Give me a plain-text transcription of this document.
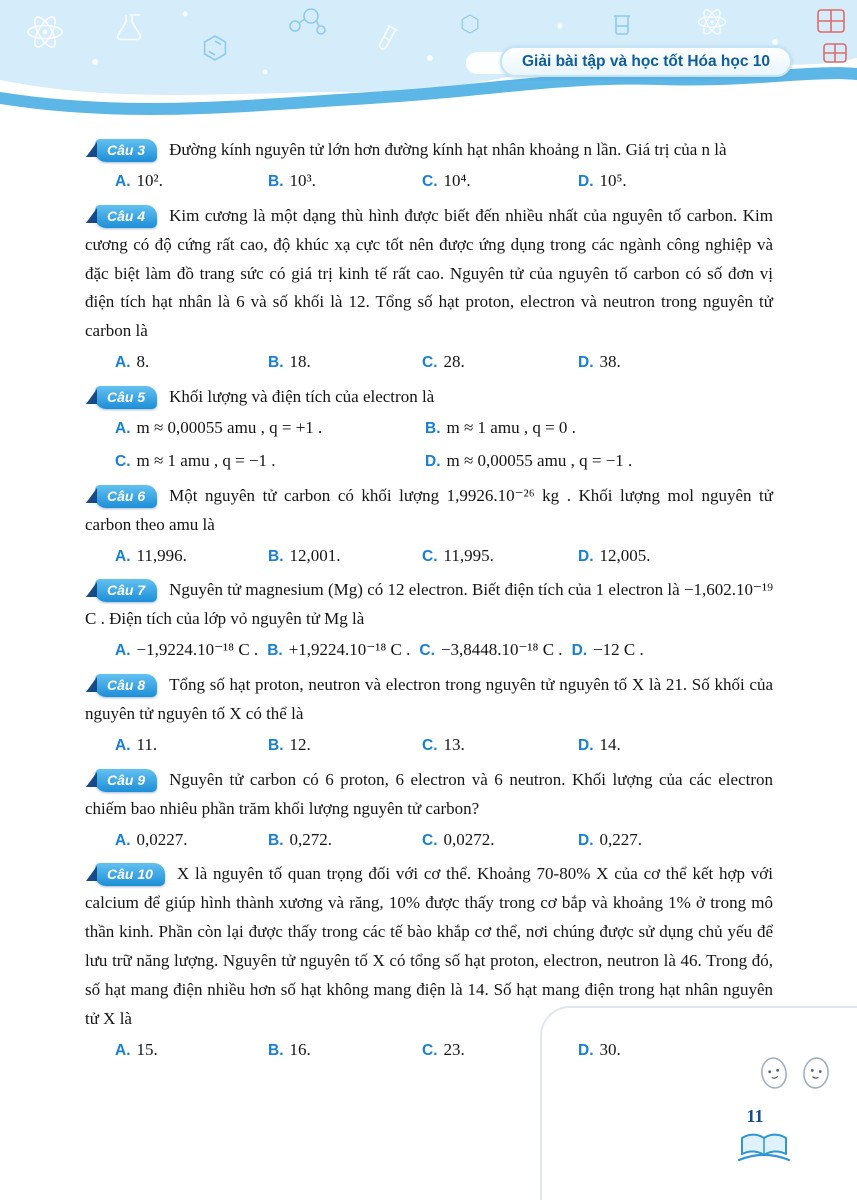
Giải bài tập và học tốt Hóa học 10

Câu 3 Đường kính nguyên tử lớn hơn đường kính hạt nhân khoảng n lần. Giá trị của n là

A. 10².	B. 10³.	C. 10⁴.	D. 10⁵.

Câu 4 Kim cương là một dạng thù hình được biết đến nhiều nhất của nguyên tố carbon. Kim cương có độ cứng rất cao, độ khúc xạ cực tốt nên được ứng dụng trong các ngành công nghiệp và đặc biệt làm đồ trang sức có giá trị kinh tế rất cao. Nguyên tử của nguyên tố carbon có số đơn vị điện tích hạt nhân là 6 và số khối là 12. Tổng số hạt proton, electron và neutron trong nguyên tử carbon là

A. 8.	B. 18.	C. 28.	D. 38.

Câu 5 Khối lượng và điện tích của electron là

A. m ≈ 0,00055 amu , q = +1 .	B. m ≈ 1 amu , q = 0 .
C. m ≈ 1 amu , q = −1 .	D. m ≈ 0,00055 amu , q = −1 .

Câu 6 Một nguyên tử carbon có khối lượng 1,9926.10⁻²⁶ kg . Khối lượng mol nguyên tử carbon theo amu là

A. 11,996.	B. 12,001.	C. 11,995.	D. 12,005.

Câu 7 Nguyên tử magnesium (Mg) có 12 electron. Biết điện tích của 1 electron là −1,602.10⁻¹⁹ C . Điện tích của lớp vỏ nguyên tử Mg là

A. −1,9224.10⁻¹⁸ C . B. +1,9224.10⁻¹⁸ C . C. −3,8448.10⁻¹⁸ C . D. −12 C .

Câu 8 Tổng số hạt proton, neutron và electron trong nguyên tử nguyên tố X là 21. Số khối của nguyên tử nguyên tố X có thể là

A. 11.	B. 12.	C. 13.	D. 14.

Câu 9 Nguyên tử carbon có 6 proton, 6 electron và 6 neutron. Khối lượng của các electron chiếm bao nhiêu phần trăm khối lượng nguyên tử carbon?

A. 0,0227.	B. 0,272.	C. 0,0272.	D. 0,227.

Câu 10 X là nguyên tố quan trọng đối với cơ thể. Khoảng 70-80% X của cơ thể kết hợp với calcium để giúp hình thành xương và răng, 10% được thấy trong cơ bắp và khoảng 1% ở trong mô thần kinh. Phần còn lại được thấy trong các tế bào khắp cơ thể, nơi chúng được sử dụng chủ yếu để lưu trữ năng lượng. Nguyên tử nguyên tố X có tổng số hạt proton, electron, neutron là 46. Trong đó, số hạt mang điện nhiều hơn số hạt không mang điện là 14. Số hạt mang điện trong hạt nhân nguyên tử X là

A. 15.	B. 16.	C. 23.	D. 30.
11
